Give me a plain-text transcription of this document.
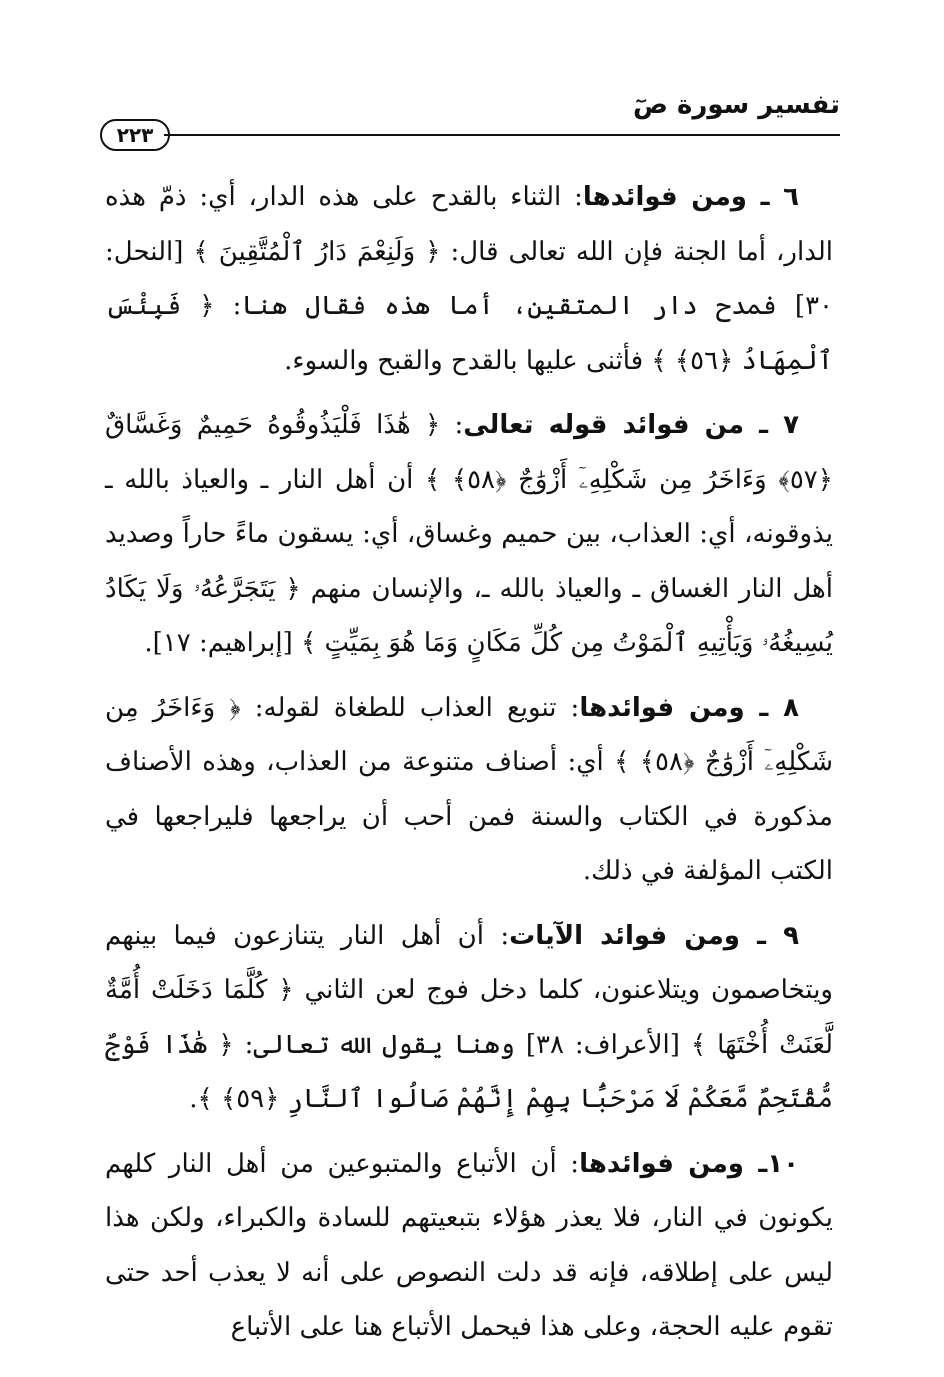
تفسير سورة صٓ
٢٢٣

٦ ـ ومن فوائدها: الثناء بالقدح على هذه الدار، أي: ذمّ هذه الدار، أما الجنة فإن الله تعالى قال: ﴿ وَلَنِعْمَ دَارُ ٱلْمُتَّقِينَ ﴾ [النحل: ٣٠] فمدح دار المتقين، أما هذه فقال هنا: ﴿ فَبِئْسَ ٱلْمِهَادُ ﴿٥٦﴾ ﴾ فأثنى عليها بالقدح والقبح والسوء.

٧ ـ من فوائد قوله تعالى: ﴿ هَٰذَا فَلْيَذُوقُوهُ حَمِيمٌ وَغَسَّاقٌ ﴿٥٧﴾ وَءَاخَرُ مِن شَكْلِهِۦٓ أَزْوَٰجٌ ﴿٥٨﴾ ﴾ أن أهل النار ـ والعياذ بالله ـ يذوقونه، أي: العذاب، بين حميم وغساق، أي: يسقون ماءً حاراً وصديد أهل النار الغساق ـ والعياذ بالله ـ، والإنسان منهم ﴿ يَتَجَرَّعُهُۥ وَلَا يَكَادُ يُسِيغُهُۥ وَيَأْتِيهِ ٱلْمَوْتُ مِن كُلِّ مَكَانٍ وَمَا هُوَ بِمَيِّتٍ ﴾ [إبراهيم: ١٧].

٨ ـ ومن فوائدها: تنويع العذاب للطغاة لقوله: ﴿ وَءَاخَرُ مِن شَكْلِهِۦٓ أَزْوَٰجٌ ﴿٥٨﴾ ﴾ أي: أصناف متنوعة من العذاب، وهذه الأصناف مذكورة في الكتاب والسنة فمن أحب أن يراجعها فليراجعها في الكتب المؤلفة في ذلك.

٩ ـ ومن فوائد الآيات: أن أهل النار يتنازعون فيما بينهم ويتخاصمون ويتلاعنون، كلما دخل فوج لعن الثاني ﴿ كُلَّمَا دَخَلَتْ أُمَّةٌ لَّعَنَتْ أُخْتَهَا ﴾ [الأعراف: ٣٨] وهنا يقول الله تعالى: ﴿ هَٰذَا فَوْجٌ مُّقْتَحِمٌ مَّعَكُمْ لَا مَرْحَبًۢا بِهِمْ إِنَّهُمْ صَالُوا ٱلنَّارِ ﴿٥٩﴾ ﴾.

١٠ـ ومن فوائدها: أن الأتباع والمتبوعين من أهل النار كلهم يكونون في النار، فلا يعذر هؤلاء بتبعيتهم للسادة والكبراء، ولكن هذا ليس على إطلاقه، فإنه قد دلت النصوص على أنه لا يعذب أحد حتى تقوم عليه الحجة، وعلى هذا فيحمل الأتباع هنا على الأتباع
